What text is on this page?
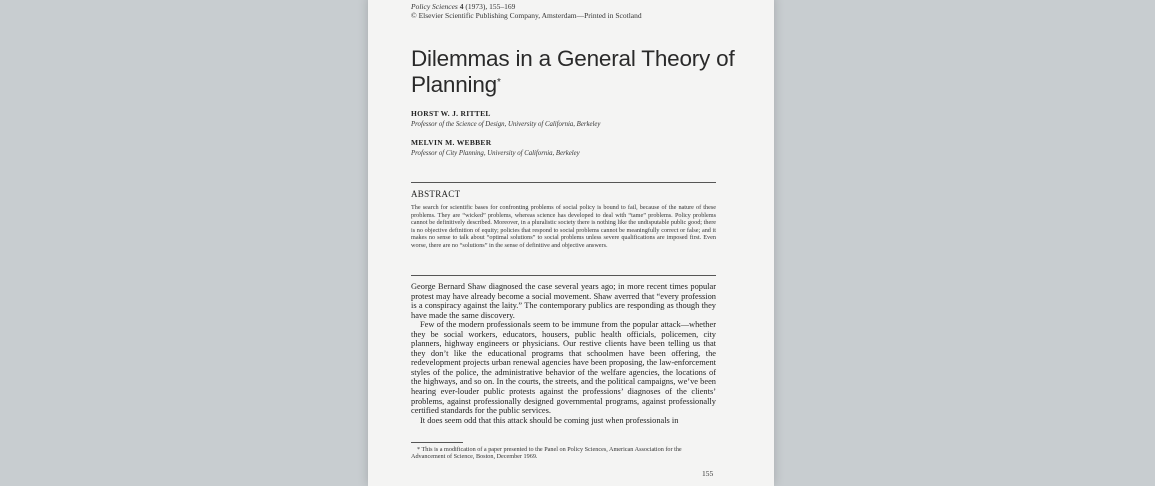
Policy Sciences 4 (1973), 155–169
© Elsevier Scientific Publishing Company, Amsterdam—Printed in Scotland
Dilemmas in a General Theory of Planning*
HORST W. J. RITTEL
Professor of the Science of Design, University of California, Berkeley
MELVIN M. WEBBER
Professor of City Planning, University of California, Berkeley
ABSTRACT
The search for scientific bases for confronting problems of social policy is bound to fail, because of the nature of these problems. They are “wicked” problems, whereas science has developed to deal with “tame” problems. Policy problems cannot be definitively described. Moreover, in a pluralistic society there is nothing like the undisputable public good; there is no objective definition of equity; policies that respond to social problems cannot be meaningfully correct or false; and it makes no sense to talk about “optimal solutions” to social problems unless severe qualifications are imposed first. Even worse, there are no “solutions” in the sense of definitive and objective answers.

George Bernard Shaw diagnosed the case several years ago; in more recent times popular protest may have already become a social movement. Shaw averred that “every profession is a conspiracy against the laity.” The contemporary publics are responding as though they have made the same discovery.

Few of the modern professionals seem to be immune from the popular attack—whether they be social workers, educators, housers, public health officials, policemen, city planners, highway engineers or physicians. Our restive clients have been telling us that they don’t like the educational programs that schoolmen have been offering, the redevelopment projects urban renewal agencies have been proposing, the law-enforcement styles of the police, the administrative behavior of the welfare agencies, the locations of the highways, and so on. In the courts, the streets, and the political campaigns, we’ve been hearing ever-louder public protests against the professions’ diagnoses of the clients’ problems, against professionally designed governmental programs, against professionally certified standards for the public services.

It does seem odd that this attack should be coming just when professionals in

* This is a modification of a paper presented to the Panel on Policy Sciences, American Association for the Advancement of Science, Boston, December 1969.
155
